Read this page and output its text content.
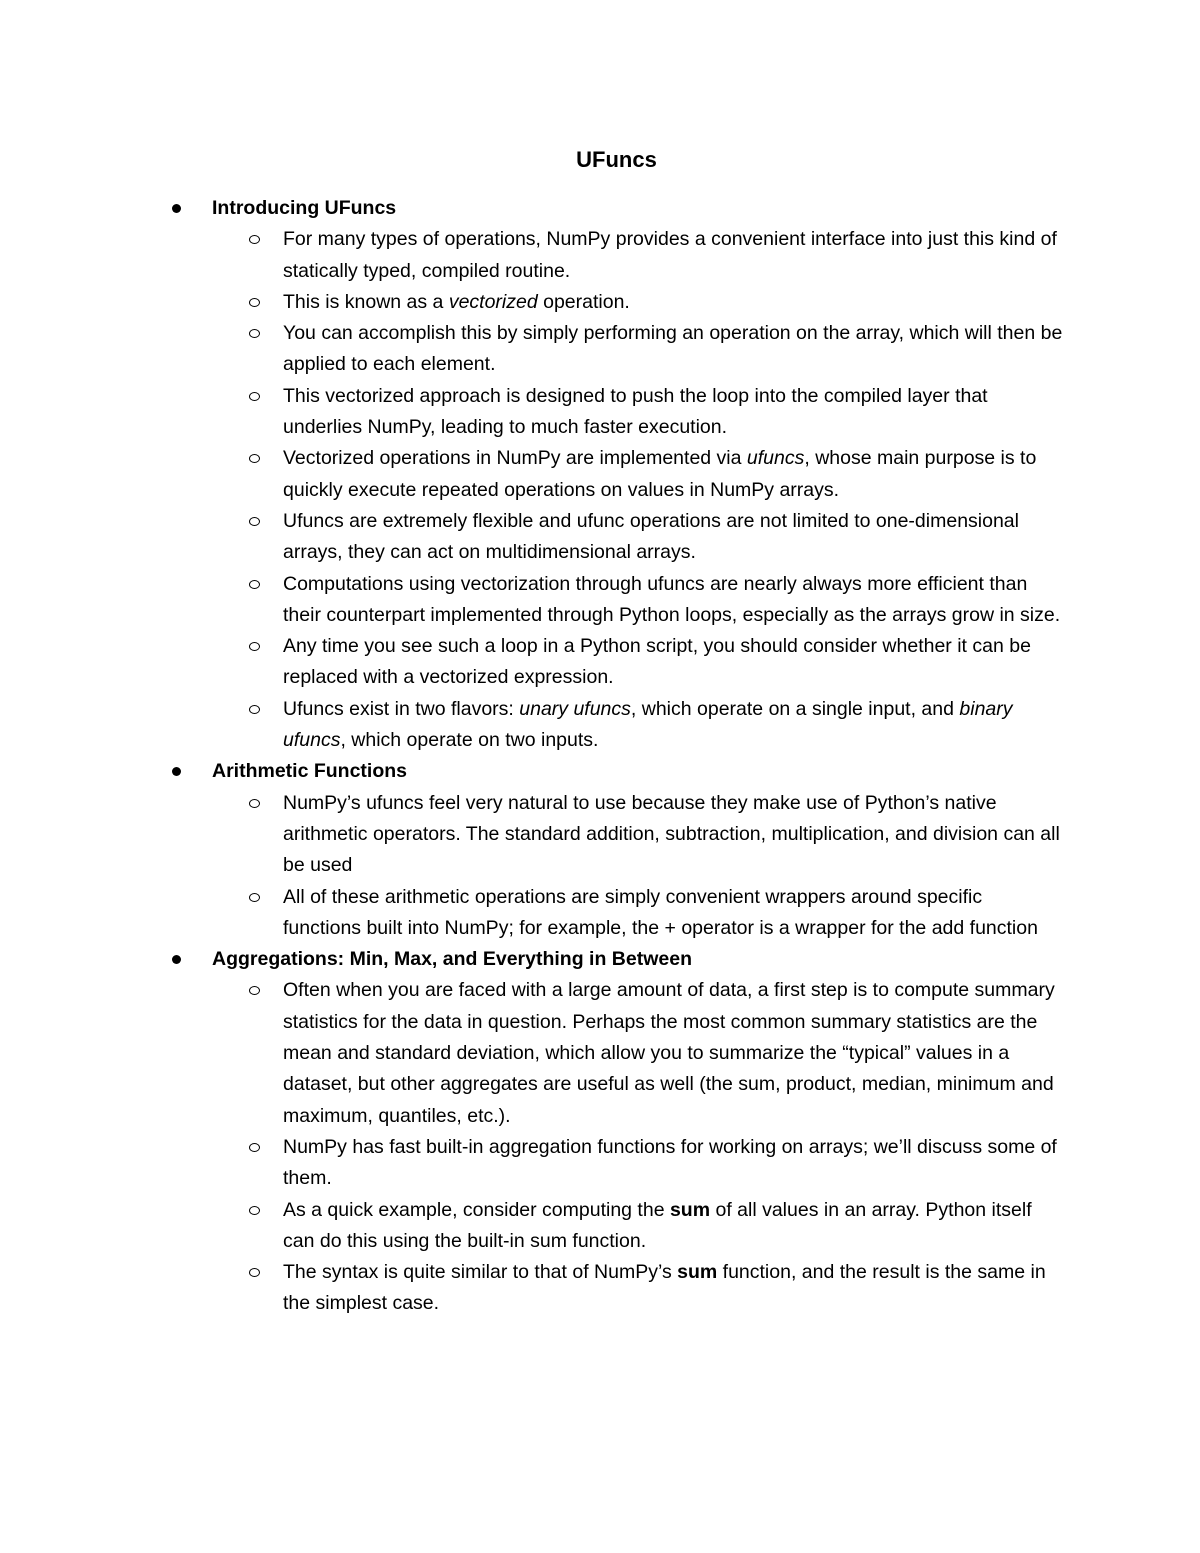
UFuncs
Introducing UFuncs
For many types of operations, NumPy provides a convenient interface into just this kind of statically typed, compiled routine.
This is known as a vectorized operation.
You can accomplish this by simply performing an operation on the array, which will then be applied to each element.
This vectorized approach is designed to push the loop into the compiled layer that underlies NumPy, leading to much faster execution.
Vectorized operations in NumPy are implemented via ufuncs, whose main purpose is to quickly execute repeated operations on values in NumPy arrays.
Ufuncs are extremely flexible and ufunc operations are not limited to one-dimensional arrays, they can act on multidimensional arrays.
Computations using vectorization through ufuncs are nearly always more efficient than their counterpart implemented through Python loops, especially as the arrays grow in size.
Any time you see such a loop in a Python script, you should consider whether it can be replaced with a vectorized expression.
Ufuncs exist in two flavors: unary ufuncs, which operate on a single input, and binary ufuncs, which operate on two inputs.
Arithmetic Functions
NumPy’s ufuncs feel very natural to use because they make use of Python’s native arithmetic operators. The standard addition, subtraction, multiplication, and division can all be used
All of these arithmetic operations are simply convenient wrappers around specific functions built into NumPy; for example, the + operator is a wrapper for the add function
Aggregations: Min, Max, and Everything in Between
Often when you are faced with a large amount of data, a first step is to compute summary statistics for the data in question. Perhaps the most common summary statistics are the mean and standard deviation, which allow you to summarize the “typical” values in a dataset, but other aggregates are useful as well (the sum, product, median, minimum and maximum, quantiles, etc.).
NumPy has fast built-in aggregation functions for working on arrays; we’ll discuss some of them.
As a quick example, consider computing the sum of all values in an array. Python itself can do this using the built-in sum function.
The syntax is quite similar to that of NumPy’s sum function, and the result is the same in the simplest case.
